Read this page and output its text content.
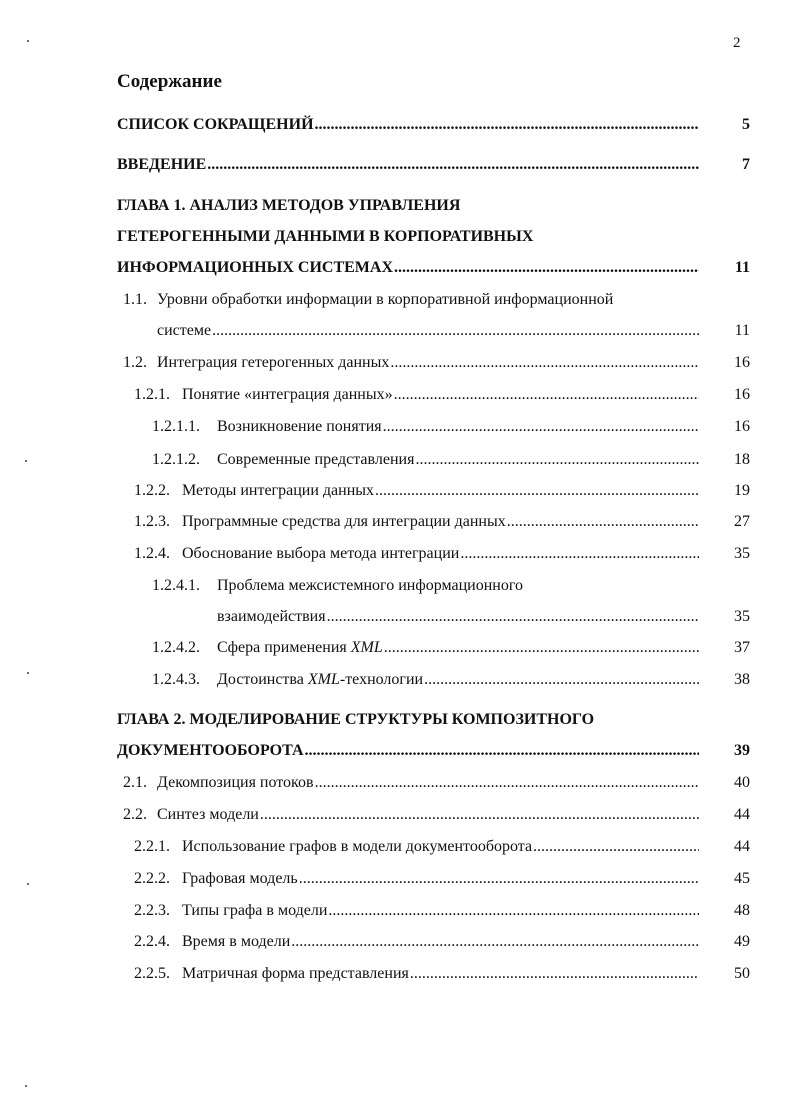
2
Содержание
СПИСОК СОКРАЩЕНИЙ .....	5
ВВЕДЕНИЕ .....	7
ГЛАВА 1. АНАЛИЗ МЕТОДОВ УПРАВЛЕНИЯ
ГЕТЕРОГЕННЫМИ ДАННЫМИ В КОРПОРАТИВНЫХ
ИНФОРМАЦИОННЫХ СИСТЕМАХ .....	11
1.1. Уровни обработки информации в корпоративной информационной
системе .....	11
1.2. Интеграция гетерогенных данных .....	16
1.2.1. Понятие «интеграция данных» .....	16
1.2.1.1. Возникновение понятия .....	16
1.2.1.2. Современные представления .....	18
1.2.2. Методы интеграции данных .....	19
1.2.3. Программные средства для интеграции данных .....	27
1.2.4. Обоснование выбора метода интеграции .....	35
1.2.4.1. Проблема межсистемного информационного
взаимодействия .....	35
1.2.4.2. Сфера применения XML .....	37
1.2.4.3. Достоинства XML-технологии .....	38
ГЛАВА 2. МОДЕЛИРОВАНИЕ СТРУКТУРЫ КОМПОЗИТНОГО
ДОКУМЕНТООБОРОТА .....	39
2.1. Декомпозиция потоков .....	40
2.2. Синтез модели .....	44
2.2.1. Использование графов в модели документооборота .....	44
2.2.2. Графовая модель .....	45
2.2.3. Типы графа в модели .....	48
2.2.4. Время в модели .....	49
2.2.5. Матричная форма представления .....	50
